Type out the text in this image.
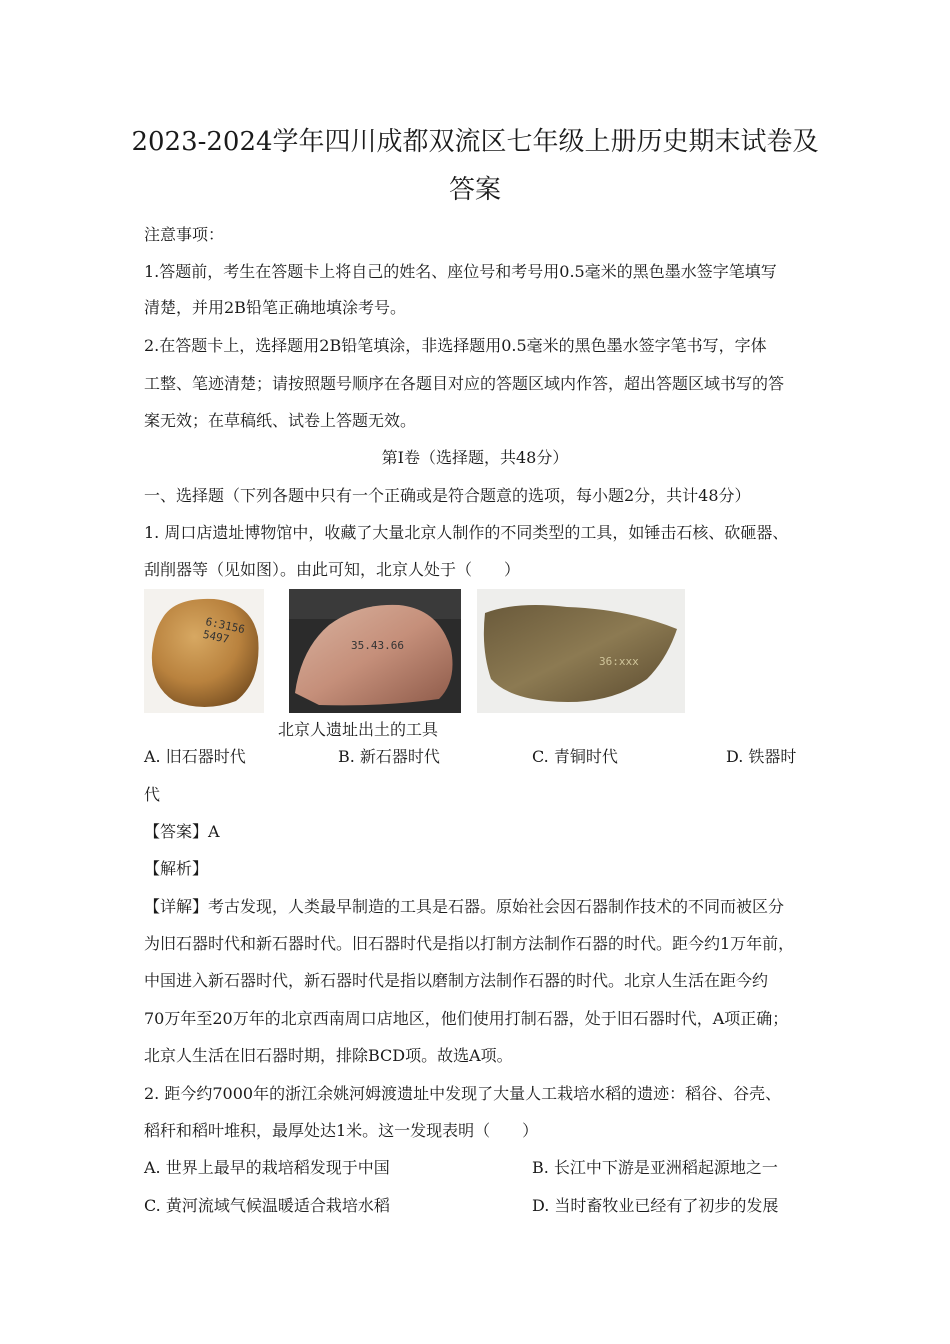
2023-2024学年四川成都双流区七年级上册历史期末试卷及
答案
注意事项：
1.答题前，考生在答题卡上将自己的姓名、座位号和考号用0.5毫米的黑色墨水签字笔填写
清楚，并用2B铅笔正确地填涂考号。
2.在答题卡上，选择题用2B铅笔填涂，非选择题用0.5毫米的黑色墨水签字笔书写，字体
工整、笔迹清楚；请按照题号顺序在各题目对应的答题区域内作答，超出答题区域书写的答
案无效；在草稿纸、试卷上答题无效。
第Ⅰ卷（选择题，共48分）
一、选择题（下列各题中只有一个正确或是符合题意的选项，每小题2分，共计48分）
1. 周口店遗址博物馆中，收藏了大量北京人制作的不同类型的工具，如锤击石核、砍砸器、
刮削器等（见如图）。由此可知，北京人处于（　　）
6:3156
5497	35.43.66
36:xxx
北京人遗址出土的工具
A. 旧石器时代	B. 新石器时代	C. 青铜时代	D. 铁器时
代
【答案】A
【解析】
【详解】考古发现，人类最早制造的工具是石器。原始社会因石器制作技术的不同而被区分
为旧石器时代和新石器时代。旧石器时代是指以打制方法制作石器的时代。距今约1万年前，
中国进入新石器时代，新石器时代是指以磨制方法制作石器的时代。北京人生活在距今约
70万年至20万年的北京西南周口店地区，他们使用打制石器，处于旧石器时代，A项正确；
北京人生活在旧石器时期，排除BCD项。故选A项。
2. 距今约7000年的浙江余姚河姆渡遗址中发现了大量人工栽培水稻的遗迹：稻谷、谷壳、
稻秆和稻叶堆积，最厚处达1米。这一发现表明（　　）
A. 世界上最早的栽培稻发现于中国	B. 长江中下游是亚洲稻起源地之一
C. 黄河流域气候温暖适合栽培水稻	D. 当时畜牧业已经有了初步的发展
